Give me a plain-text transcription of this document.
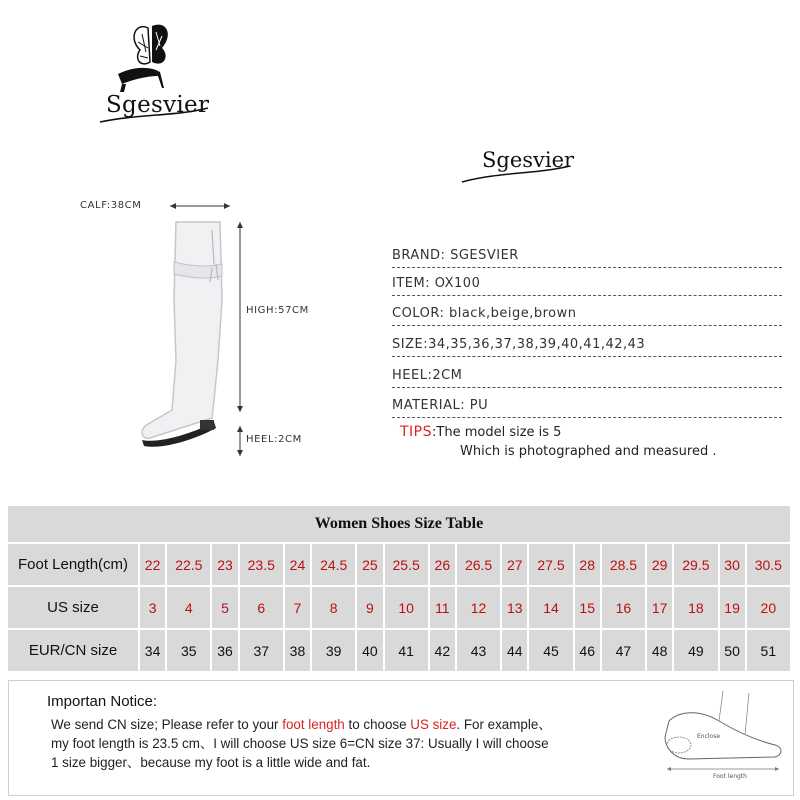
Sgesvier
Sgesvier
CALF:38CM
HIGH:57CM
HEEL:2CM
BRAND: SGESVIER
ITEM: OX100
COLOR: black,beige,brown
SIZE:34,35,36,37,38,39,40,41,42,43
HEEL:2CM
MATERIAL: PU
TIPS:The model size is 5
Which is photographed and measured .
Women Shoes Size Table																		
Foot Length(cm)	22	22.5	23	23.5	24	24.5	25	25.5	26	26.5	27	27.5	28	28.5	29	29.5	30	30.5
US size	3	4	5	6	7	8	9	10	11	12	13	14	15	16	17	18	19	20
EUR/CN size	34	35	36	37	38	39	40	41	42	43	44	45	46	47	48	49	50	51
Importan Notice:
We send CN size; Please refer to your foot length to choose US size. For example、
my foot length is 23.5 cm、I will choose US size 6=CN size 37: Usually I will choose
1 size bigger、because my foot is a little wide and fat.
Enclose
Foot length
